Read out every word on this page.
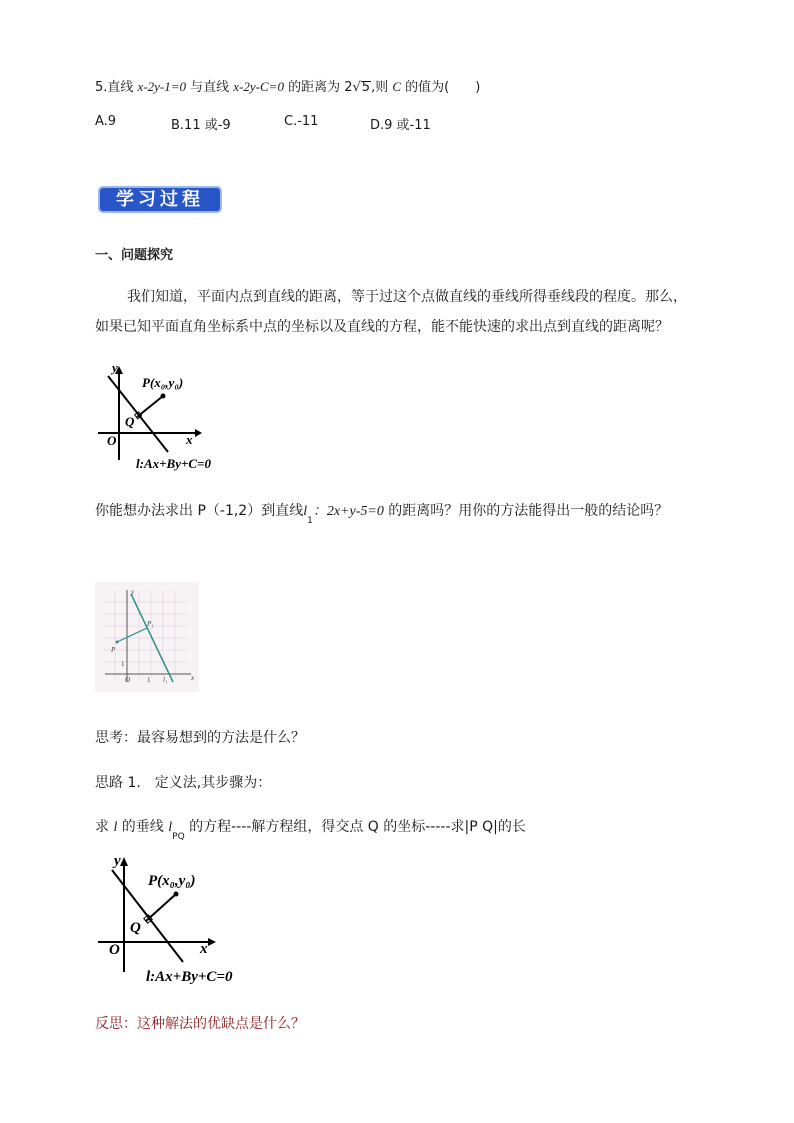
5.直线 x-2y-1=0 与直线 x-2y-C=0 的距离为 2√5,则 C 的值为(　　)
A.9	B.11 或-9	C.-11	D.9 或-11
学习过程
一、问题探究
我们知道，平面内点到直线的距离，等于过这个点做直线的垂线所得垂线段的程度。那么，
如果已知平面直角坐标系中点的坐标以及直线的方程，能不能快速的求出点到直线的距离呢？
y
x
O
Q
P(x₀,y₀)
l:Ax+By+C=0
你能想办法求出 P（-1,2）到直线$l_1$：2x+y-5=0 的距离吗？用你的方法能得出一般的结论吗？
y
x
O 1
1
P
P₁
l₁
思考：最容易想到的方法是什么？
思路 1.　定义法,其步骤为：
求 l 的垂线 $l_{PQ}$ 的方程----解方程组，得交点 Q 的坐标-----求|P Q|的长
y
x
O
Q
P(x₀,y₀)
l:Ax+By+C=0
反思：这种解法的优缺点是什么？
